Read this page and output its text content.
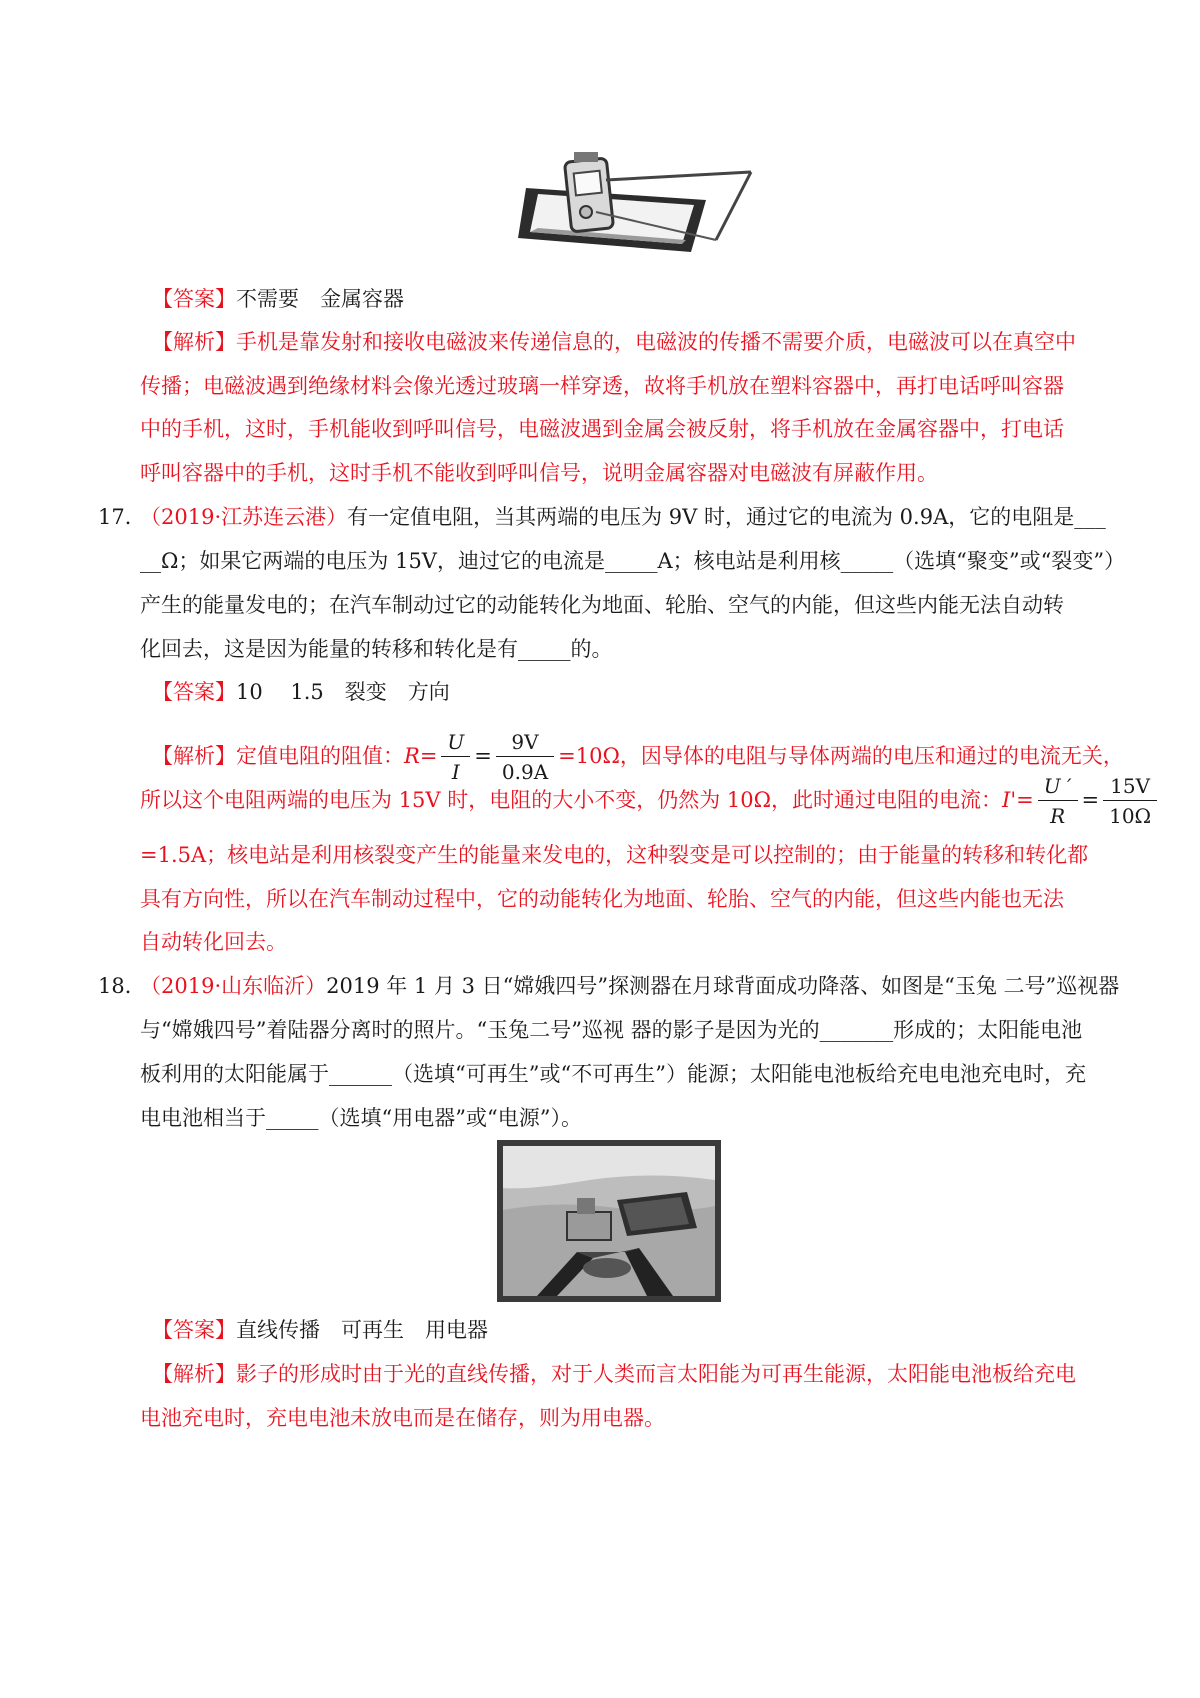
【答案】不需要　金属容器
【解析】手机是靠发射和接收电磁波来传递信息的，电磁波的传播不需要介质，电磁波可以在真空中
传播；电磁波遇到绝缘材料会像光透过玻璃一样穿透，故将手机放在塑料容器中，再打电话呼叫容器
中的手机，这时，手机能收到呼叫信号，电磁波遇到金属会被反射，将手机放在金属容器中，打电话
呼叫容器中的手机，这时手机不能收到呼叫信号，说明金属容器对电磁波有屏蔽作用。
17．
（2019·江苏连云港）有一定值电阻，当其两端的电压为 9V 时，通过它的电流为 0.9A，它的电阻是___
__Ω；如果它两端的电压为 15V，迪过它的电流是_____A；核电站是利用核_____（选填“聚变”或“裂变”）
产生的能量发电的；在汽车制动过它的动能转化为地面、轮胎、空气的内能，但这些内能无法自动转
化回去，这是因为能量的转移和转化是有_____的。
【答案】10　 1.5　裂变　方向
【解析】定值电阻的阻值：$R= \frac{U}{I} = \frac{9V}{0.9A} =10\Omega$，因导体的电阻与导体两端的电压和通过的电流无关，
所以这个电阻两端的电压为 15V 时，电阻的大小不变，仍然为 10Ω，此时通过电阻的电流：$I'= \frac{U '}{R} = \frac{15V}{10\Omega}$
=1.5A；核电站是利用核裂变产生的能量来发电的，这种裂变是可以控制的；由于能量的转移和转化都
具有方向性，所以在汽车制动过程中，它的动能转化为地面、轮胎、空气的内能，但这些内能也无法
自动转化回去。
18．
（2019·山东临沂）2019 年 1 月 3 日“嫦娥四号”探测器在月球背面成功降落、如图是“玉兔 二号”巡视器
与“嫦娥四号”着陆器分离时的照片。“玉兔二号”巡视 器的影子是因为光的_______形成的；太阳能电池
板利用的太阳能属于______（选填“可再生”或“不可再生”）能源；太阳能电池板给充电电池充电时，充
电电池相当于_____（选填“用电器”或“电源”）。
【答案】直线传播　可再生　用电器
【解析】影子的形成时由于光的直线传播，对于人类而言太阳能为可再生能源，太阳能电池板给充电
电池充电时，充电电池未放电而是在储存，则为用电器。
